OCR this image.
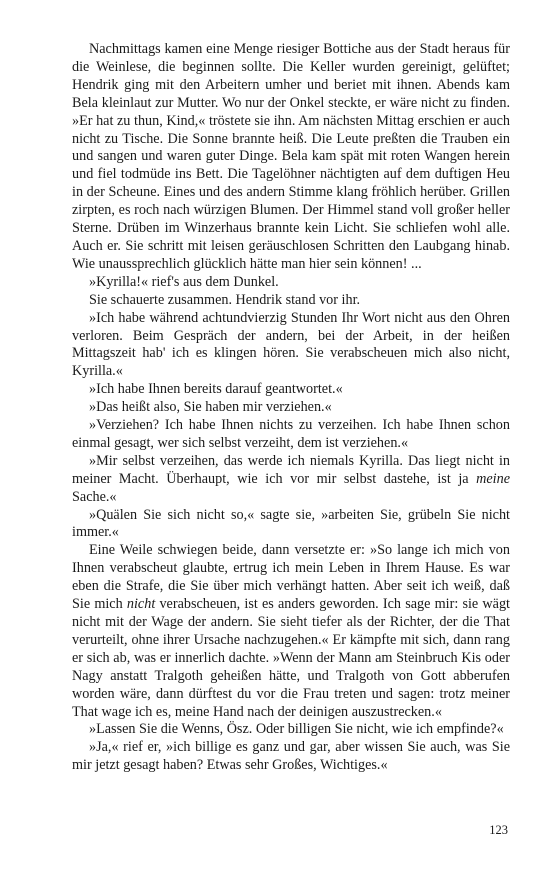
Nachmittags kamen eine Menge riesiger Bottiche aus der Stadt heraus für die Weinlese, die beginnen sollte. Die Keller wurden gereinigt, gelüftet; Hendrik ging mit den Arbeitern umher und beriet mit ihnen. Abends kam Bela kleinlaut zur Mutter. Wo nur der Onkel steckte, er wäre nicht zu finden. »Er hat zu thun, Kind,« tröstete sie ihn. Am nächsten Mittag erschien er auch nicht zu Tische. Die Sonne brannte heiß. Die Leute preßten die Trauben ein und sangen und waren guter Dinge. Bela kam spät mit roten Wangen herein und fiel todmüde ins Bett. Die Tagelöhner nächtigten auf dem duftigen Heu in der Scheune. Eines und des andern Stimme klang fröhlich herüber. Grillen zirpten, es roch nach würzigen Blumen. Der Himmel stand voll großer heller Sterne. Drüben im Winzerhaus brannte kein Licht. Sie schliefen wohl alle. Auch er. Sie schritt mit leisen geräuschlosen Schritten den Laubgang hinab. Wie unaussprechlich glücklich hätte man hier sein können! ...

»Kyrilla!« rief's aus dem Dunkel.

Sie schauerte zusammen. Hendrik stand vor ihr.

»Ich habe während achtundvierzig Stunden Ihr Wort nicht aus den Ohren verloren. Beim Gespräch der andern, bei der Arbeit, in der heißen Mittagszeit hab' ich es klingen hören. Sie verabscheuen mich also nicht, Kyrilla.«

»Ich habe Ihnen bereits darauf geantwortet.«

»Das heißt also, Sie haben mir verziehen.«

»Verziehen? Ich habe Ihnen nichts zu verzeihen. Ich habe Ihnen schon einmal gesagt, wer sich selbst verzeiht, dem ist verziehen.«

»Mir selbst verzeihen, das werde ich niemals Kyrilla. Das liegt nicht in meiner Macht. Überhaupt, wie ich vor mir selbst dastehe, ist ja meine Sache.«

»Quälen Sie sich nicht so,« sagte sie, »arbeiten Sie, grübeln Sie nicht immer.«

Eine Weile schwiegen beide, dann versetzte er: »So lange ich mich von Ihnen verabscheut glaubte, ertrug ich mein Leben in Ihrem Hause. Es war eben die Strafe, die Sie über mich verhängt hatten. Aber seit ich weiß, daß Sie mich nicht verabscheuen, ist es anders geworden. Ich sage mir: sie wägt nicht mit der Wage der andern. Sie sieht tiefer als der Richter, der die That verurteilt, ohne ihrer Ursache nachzugehen.« Er kämpfte mit sich, dann rang er sich ab, was er innerlich dachte. »Wenn der Mann am Steinbruch Kis oder Nagy anstatt Tralgoth geheißen hätte, und Tralgoth von Gott abberufen worden wäre, dann dürftest du vor die Frau treten und sagen: trotz meiner That wage ich es, meine Hand nach der deinigen auszustrecken.«

»Lassen Sie die Wenns, Ösz. Oder billigen Sie nicht, wie ich empfinde?«

»Ja,« rief er, »ich billige es ganz und gar, aber wissen Sie auch, was Sie mir jetzt gesagt haben? Etwas sehr Großes, Wichtiges.«

123
